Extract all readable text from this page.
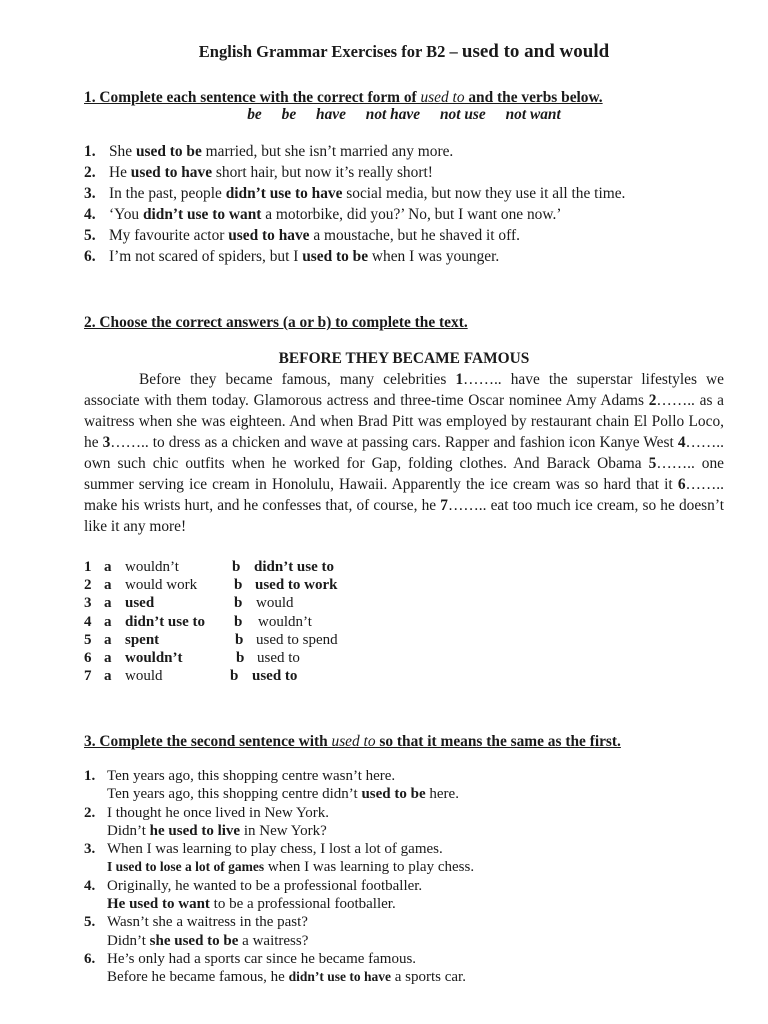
English Grammar Exercises for B2 – used to and would
1. Complete each sentence with the correct form of used to and the verbs below.
be be have not have not use not want
1. She used to be married, but she isn’t married any more.
2. He used to have short hair, but now it’s really short!
3. In the past, people didn’t use to have social media, but now they use it all the time.
4. ‘You didn’t use to want a motorbike, did you?’ No, but I want one now.’
5. My favourite actor used to have a moustache, but he shaved it off.
6. I’m not scared of spiders, but I used to be when I was younger.
2. Choose the correct answers (a or b) to complete the text.
BEFORE THEY BECAME FAMOUS

Before they became famous, many celebrities 1…….. have the superstar lifestyles we associate with them today. Glamorous actress and three-time Oscar nominee Amy Adams 2…….. as a waitress when she was eighteen. And when Brad Pitt was employed by restaurant chain El Pollo Loco, he 3…….. to dress as a chicken and wave at passing cars. Rapper and fashion icon Kanye West 4…….. own such chic outfits when he worked for Gap, folding clothes. And Barack Obama 5…….. one summer serving ice cream in Honolulu, Hawaii. Apparently the ice cream was so hard that it 6…….. make his wrists hurt, and he confesses that, of course, he 7…….. eat too much ice cream, so he doesn’t like it any more!

1 a wouldn’t	b didn’t use to
2 a would work b used to work
3 a used	b would
4 a didn’t use to b wouldn’t
5 a spent	b used to spend
6 a wouldn’t	b used to
7 a would	b used to
3. Complete the second sentence with used to so that it means the same as the first.
1. Ten years ago, this shopping centre wasn’t here.
Ten years ago, this shopping centre didn’t used to be here.
2. I thought he once lived in New York.
Didn’t he used to live in New York?
3. When I was learning to play chess, I lost a lot of games.
I used to lose a lot of games when I was learning to play chess.
4. Originally, he wanted to be a professional footballer.
He used to want to be a professional footballer.
5. Wasn’t she a waitress in the past?
Didn’t she used to be a waitress?
6. He’s only had a sports car since he became famous.
Before he became famous, he didn’t use to have a sports car.
